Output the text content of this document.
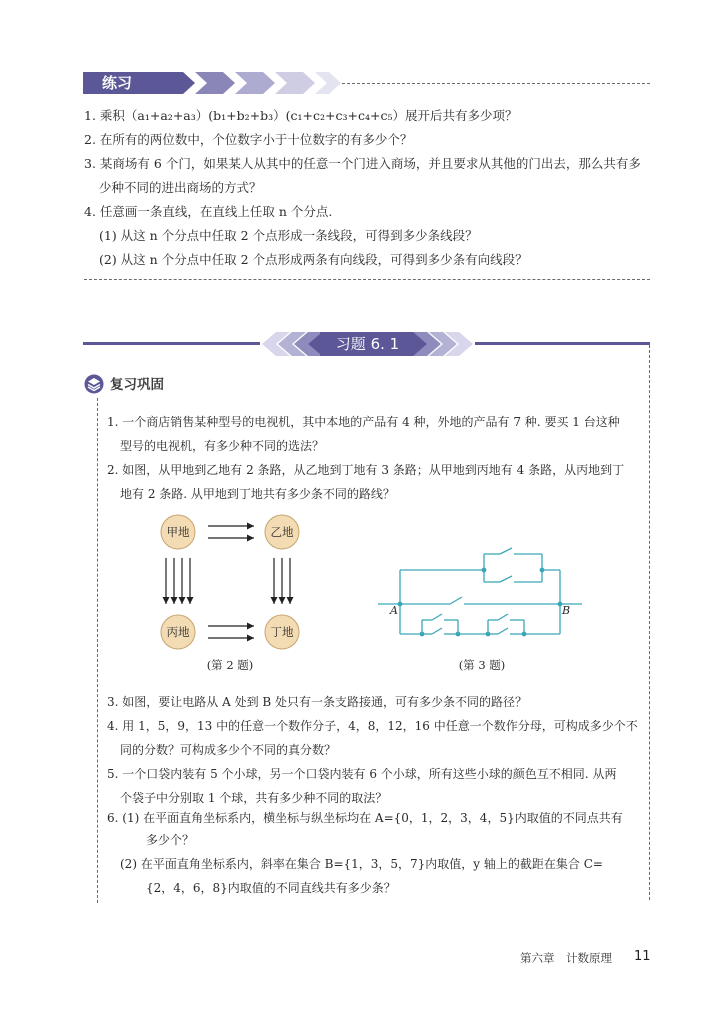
练习
1. 乘积（a₁+a₂+a₃）(b₁+b₂+b₃）(c₁+c₂+c₃+c₄+c₅）展开后共有多少项？
2. 在所有的两位数中，个位数字小于十位数字的有多少个？
3. 某商场有 6 个门，如果某人从其中的任意一个门进入商场，并且要求从其他的门出去，那么共有多
少种不同的进出商场的方式？
4. 任意画一条直线，在直线上任取 n 个分点.
(1) 从这 n 个分点中任取 2 个点形成一条线段，可得到多少条线段？
(2) 从这 n 个分点中任取 2 个点形成两条有向线段，可得到多少条有向线段？
习题 6. 1
复习巩固
1. 一个商店销售某种型号的电视机，其中本地的产品有 4 种，外地的产品有 7 种. 要买 1 台这种
型号的电视机，有多少种不同的选法？
2. 如图，从甲地到乙地有 2 条路，从乙地到丁地有 3 条路；从甲地到丙地有 4 条路，从丙地到丁
地有 2 条路. 从甲地到丁地共有多少条不同的路线？
甲地	乙地
丙地	丁地
(第 2 题)
A	B
(第 3 题)
3. 如图，要让电路从 A 处到 B 处只有一条支路接通，可有多少条不同的路径？
4. 用 1，5，9，13 中的任意一个数作分子，4，8，12，16 中任意一个数作分母，可构成多少个不
同的分数？可构成多少个不同的真分数？
5. 一个口袋内装有 5 个小球，另一个口袋内装有 6 个小球，所有这些小球的颜色互不相同. 从两
个袋子中分别取 1 个球，共有多少种不同的取法？
6. (1) 在平面直角坐标系内，横坐标与纵坐标均在 A={0，1，2，3，4，5}内取值的不同点共有
多少个？
(2) 在平面直角坐标系内，斜率在集合 B={1，3，5，7}内取值，y 轴上的截距在集合 C=
{2，4，6，8}内取值的不同直线共有多少条？
第六章　计数原理 11
